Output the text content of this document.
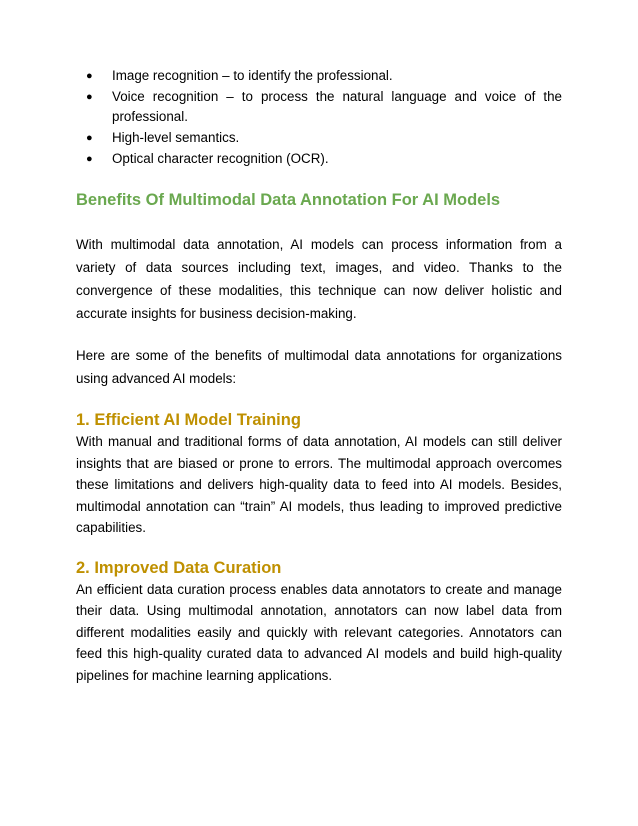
● Image recognition – to identify the professional.
● Voice recognition – to process the natural language and voice of the professional.
● High-level semantics.
● Optical character recognition (OCR).
Benefits Of Multimodal Data Annotation For AI Models

With multimodal data annotation, AI models can process information from a variety of data sources including text, images, and video. Thanks to the convergence of these modalities, this technique can now deliver holistic and accurate insights for business decision-making.

Here are some of the benefits of multimodal data annotations for organizations using advanced AI models:

1. Efficient AI Model Training

With manual and traditional forms of data annotation, AI models can still deliver insights that are biased or prone to errors. The multimodal approach overcomes these limitations and delivers high-quality data to feed into AI models. Besides, multimodal annotation can “train” AI models, thus leading to improved predictive capabilities.

2. Improved Data Curation

An efficient data curation process enables data annotators to create and manage their data. Using multimodal annotation, annotators can now label data from different modalities easily and quickly with relevant categories. Annotators can feed this high-quality curated data to advanced AI models and build high-quality pipelines for machine learning applications.
